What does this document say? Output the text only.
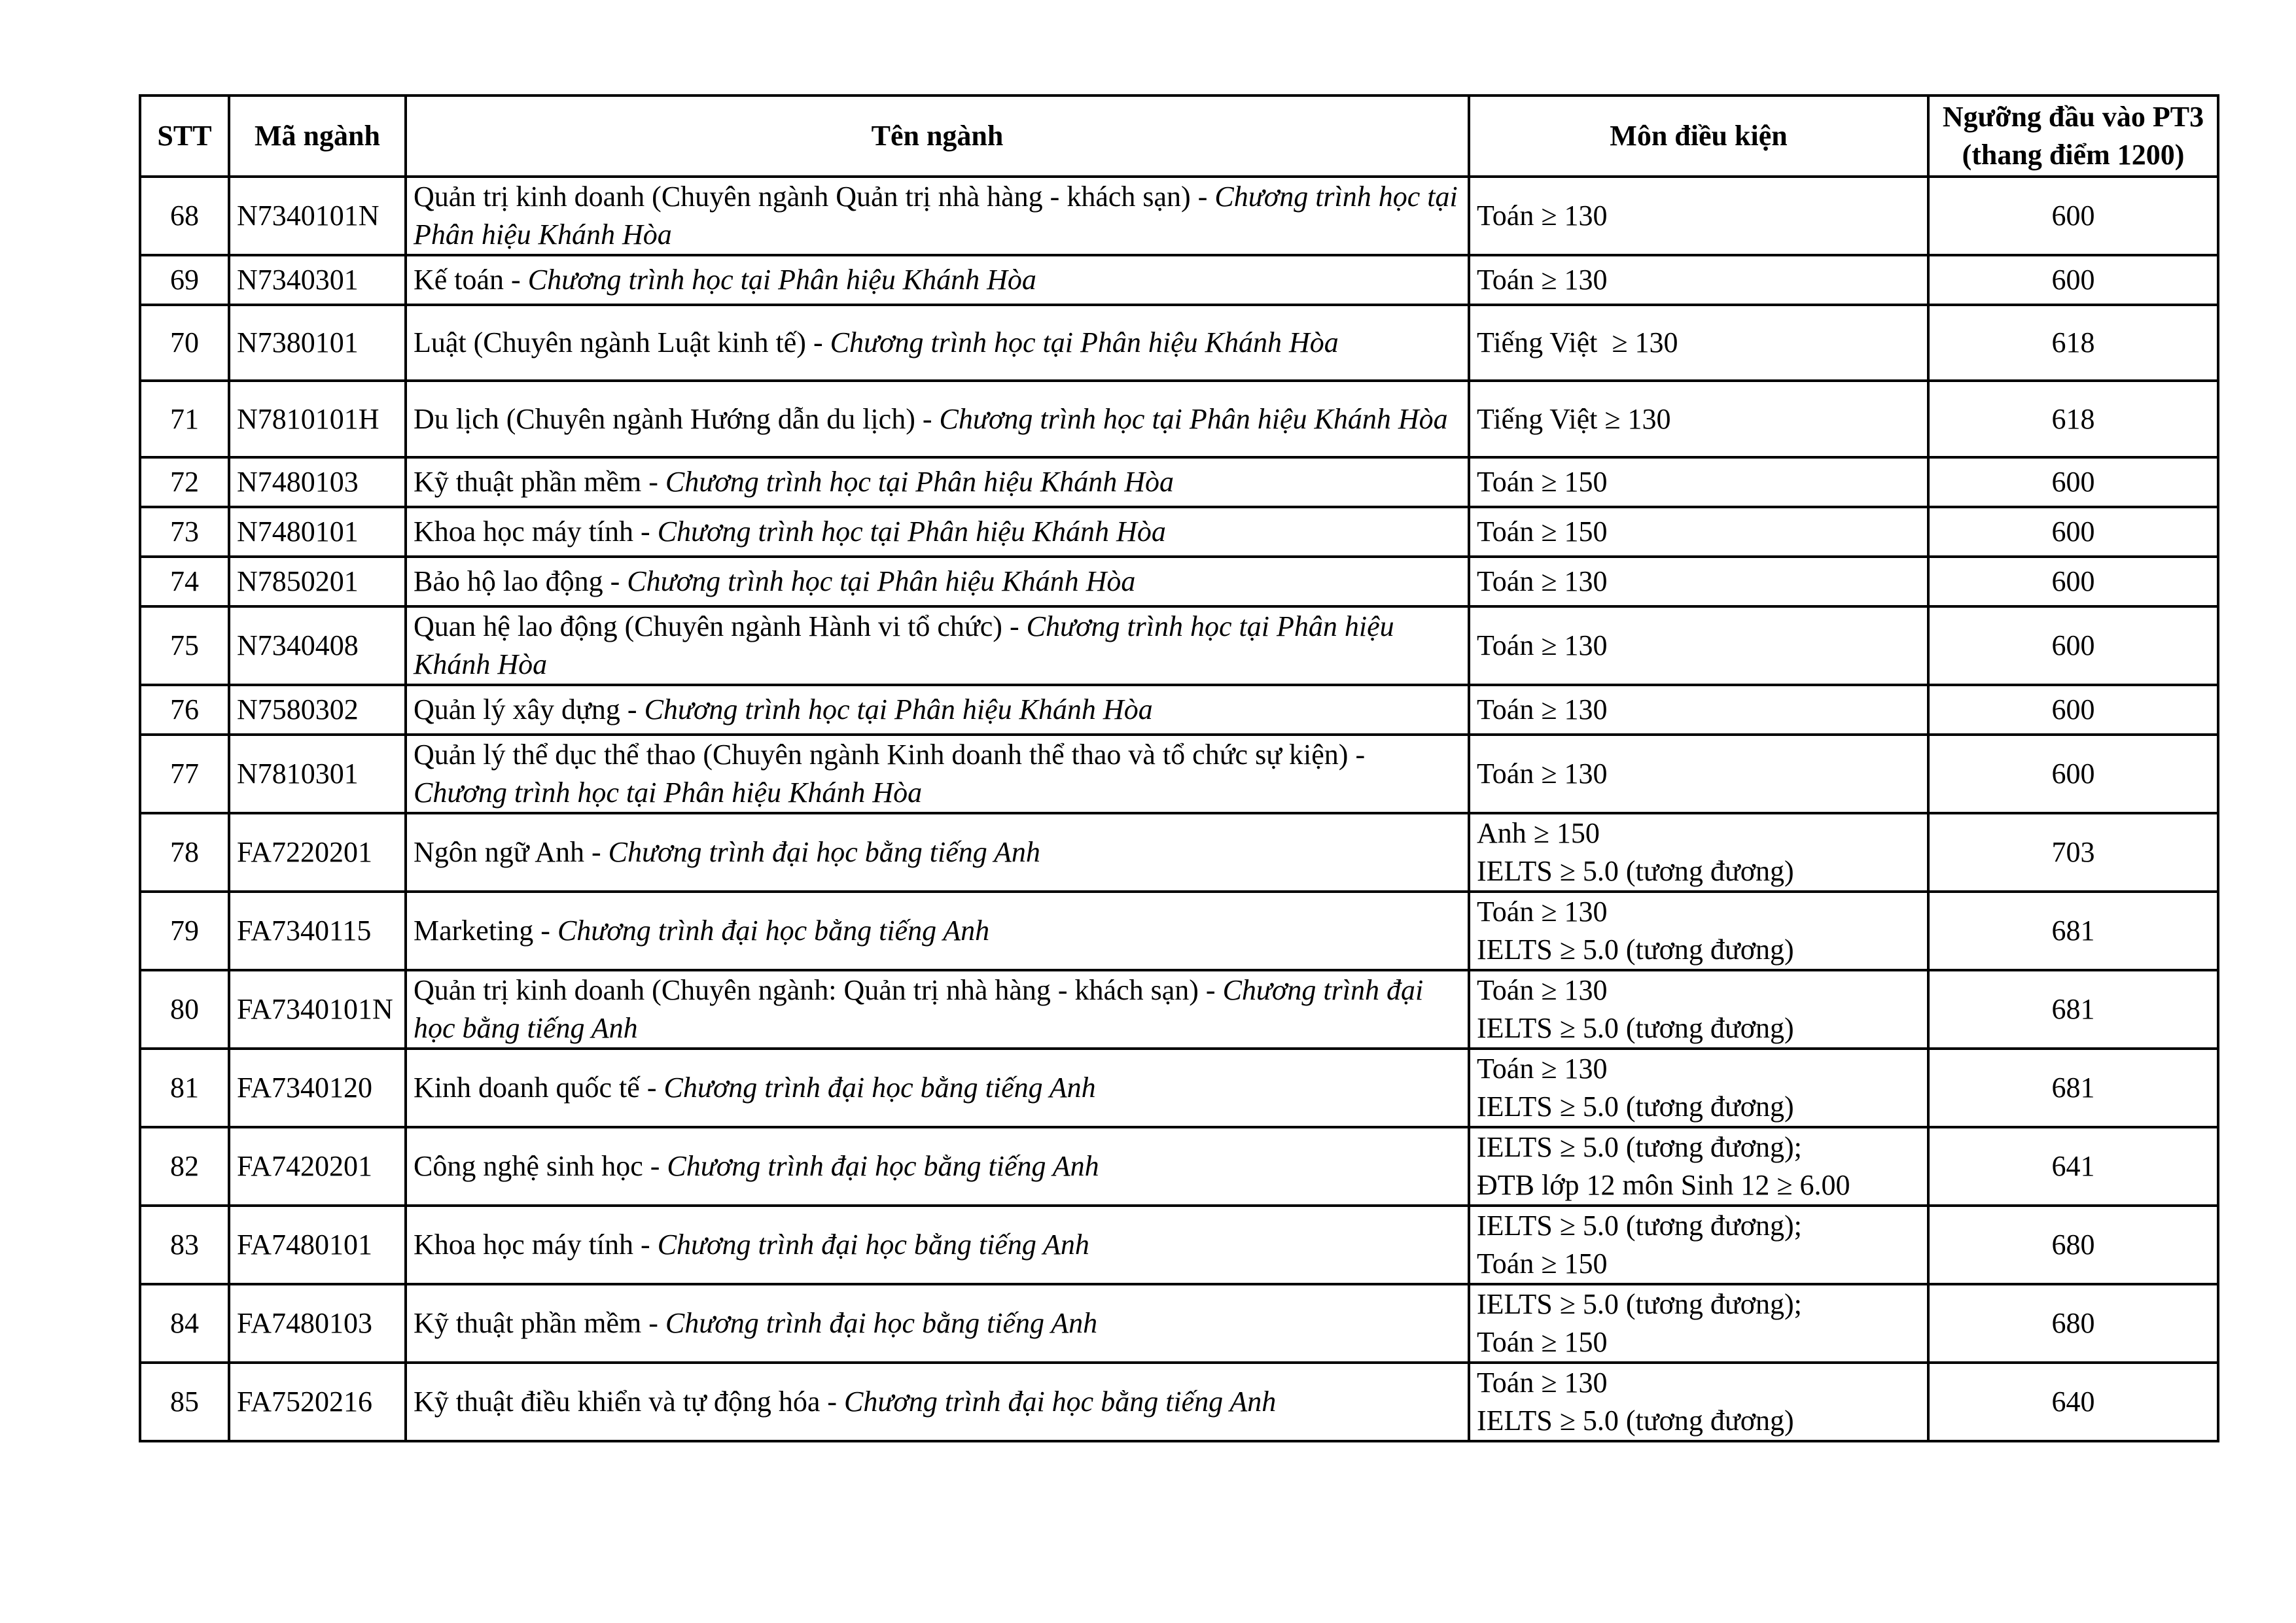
STT	Mã ngành	Tên ngành	Môn điều kiện	Ngưỡng đầu vào PT3
(thang điểm 1200)

68	N7340101N	Quản trị kinh doanh (Chuyên ngành Quản trị nhà hàng - khách sạn) - Chương trình học tại Phân hiệu Khánh Hòa	Toán ≥ 130	600
69	N7340301	Kế toán - Chương trình học tại Phân hiệu Khánh Hòa	Toán ≥ 130	600
70	N7380101	Luật (Chuyên ngành Luật kinh tế) - Chương trình học tại Phân hiệu Khánh Hòa	Tiếng Việt  ≥ 130	618
71	N7810101H	Du lịch (Chuyên ngành Hướng dẫn du lịch) - Chương trình học tại Phân hiệu Khánh Hòa	Tiếng Việt ≥ 130	618
72	N7480103	Kỹ thuật phần mềm - Chương trình học tại Phân hiệu Khánh Hòa	Toán ≥ 150	600
73	N7480101	Khoa học máy tính - Chương trình học tại Phân hiệu Khánh Hòa	Toán ≥ 150	600
74	N7850201	Bảo hộ lao động - Chương trình học tại Phân hiệu Khánh Hòa	Toán ≥ 130	600
75	N7340408	Quan hệ lao động (Chuyên ngành Hành vi tổ chức) - Chương trình học tại Phân hiệu Khánh Hòa	Toán ≥ 130	600
76	N7580302	Quản lý xây dựng - Chương trình học tại Phân hiệu Khánh Hòa	Toán ≥ 130	600
77	N7810301	Quản lý thể dục thể thao (Chuyên ngành Kinh doanh thể thao và tổ chức sự kiện) - Chương trình học tại Phân hiệu Khánh Hòa	Toán ≥ 130	600
78	FA7220201	Ngôn ngữ Anh - Chương trình đại học bằng tiếng Anh	Anh ≥ 150
IELTS ≥ 5.0 (tương đương)	703
79	FA7340115	Marketing - Chương trình đại học bằng tiếng Anh	Toán ≥ 130
IELTS ≥ 5.0 (tương đương)	681
80	FA7340101N	Quản trị kinh doanh (Chuyên ngành: Quản trị nhà hàng - khách sạn) - Chương trình đại học bằng tiếng Anh	Toán ≥ 130
IELTS ≥ 5.0 (tương đương)	681
81	FA7340120	Kinh doanh quốc tế - Chương trình đại học bằng tiếng Anh	Toán ≥ 130
IELTS ≥ 5.0 (tương đương)	681
82	FA7420201	Công nghệ sinh học - Chương trình đại học bằng tiếng Anh	IELTS ≥ 5.0 (tương đương);
ĐTB lớp 12 môn Sinh 12 ≥ 6.00	641
83	FA7480101	Khoa học máy tính - Chương trình đại học bằng tiếng Anh	IELTS ≥ 5.0 (tương đương);
Toán ≥ 150	680
84	FA7480103	Kỹ thuật phần mềm - Chương trình đại học bằng tiếng Anh	IELTS ≥ 5.0 (tương đương);
Toán ≥ 150	680
85	FA7520216	Kỹ thuật điều khiển và tự động hóa - Chương trình đại học bằng tiếng Anh	Toán ≥ 130
IELTS ≥ 5.0 (tương đương)	640
